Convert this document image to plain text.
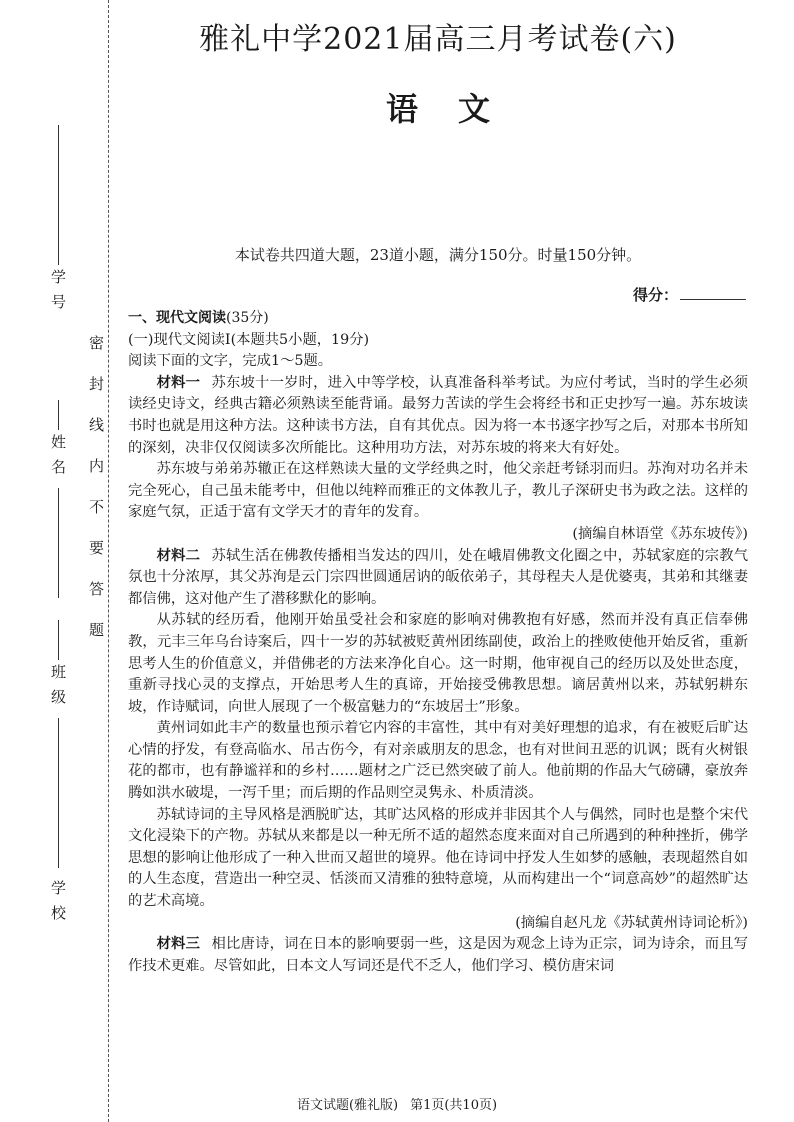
学号
姓名
班级
学校
密封线内不要答题
雅礼中学2021届高三月考试卷(六)
语文
本试卷共四道大题，23道小题，满分150分。时量150分钟。
得分：

一、现代文阅读(35分)

(一)现代文阅读Ⅰ(本题共5小题，19分)

阅读下面的文字，完成1～5题。

材料一 苏东坡十一岁时，进入中等学校，认真准备科举考试。为应付考试，当时的学生必须读经史诗文，经典古籍必须熟读至能背诵。最努力苦读的学生会将经书和正史抄写一遍。苏东坡读书时也就是用这种方法。这种读书方法，自有其优点。因为将一本书逐字抄写之后，对那本书所知的深刻，决非仅仅阅读多次所能比。这种用功方法，对苏东坡的将来大有好处。

苏东坡与弟弟苏辙正在这样熟读大量的文学经典之时，他父亲赶考铩羽而归。苏洵对功名并未完全死心，自己虽未能考中，但他以纯粹而雅正的文体教儿子，教儿子深研史书为政之法。这样的家庭气氛，正适于富有文学天才的青年的发育。

(摘编自林语堂《苏东坡传》)

材料二 苏轼生活在佛教传播相当发达的四川，处在峨眉佛教文化圈之中，苏轼家庭的宗教气氛也十分浓厚，其父苏洵是云门宗四世圆通居讷的皈依弟子，其母程夫人是优婆夷，其弟和其继妻都信佛，这对他产生了潜移默化的影响。

从苏轼的经历看，他刚开始虽受社会和家庭的影响对佛教抱有好感，然而并没有真正信奉佛教，元丰三年乌台诗案后，四十一岁的苏轼被贬黄州团练副使，政治上的挫败使他开始反省，重新思考人生的价值意义，并借佛老的方法来净化自心。这一时期，他审视自己的经历以及处世态度，重新寻找心灵的支撑点，开始思考人生的真谛，开始接受佛教思想。谪居黄州以来，苏轼躬耕东坡，作诗赋词，向世人展现了一个极富魅力的“东坡居士”形象。

黄州词如此丰产的数量也预示着它内容的丰富性，其中有对美好理想的追求，有在被贬后旷达心情的抒发，有登高临水、吊古伤今，有对亲戚朋友的思念，也有对世间丑恶的讥讽；既有火树银花的都市，也有静谧祥和的乡村……题材之广泛已然突破了前人。他前期的作品大气磅礴，豪放奔腾如洪水破堤，一泻千里；而后期的作品则空灵隽永、朴质清淡。

苏轼诗词的主导风格是洒脱旷达，其旷达风格的形成并非因其个人与偶然，同时也是整个宋代文化浸染下的产物。苏轼从来都是以一种无所不适的超然态度来面对自己所遇到的种种挫折，佛学思想的影响让他形成了一种入世而又超世的境界。他在诗词中抒发人生如梦的感触，表现超然自如的人生态度，营造出一种空灵、恬淡而又清雅的独特意境，从而构建出一个“词意高妙”的超然旷达的艺术高境。

(摘编自赵凡龙《苏轼黄州诗词论析》)

材料三 相比唐诗，词在日本的影响要弱一些，这是因为观念上诗为正宗，词为诗余，而且写作技术更难。尽管如此，日本文人写词还是代不乏人，他们学习、模仿唐宋词

语文试题(雅礼版) 第1页(共10页)
